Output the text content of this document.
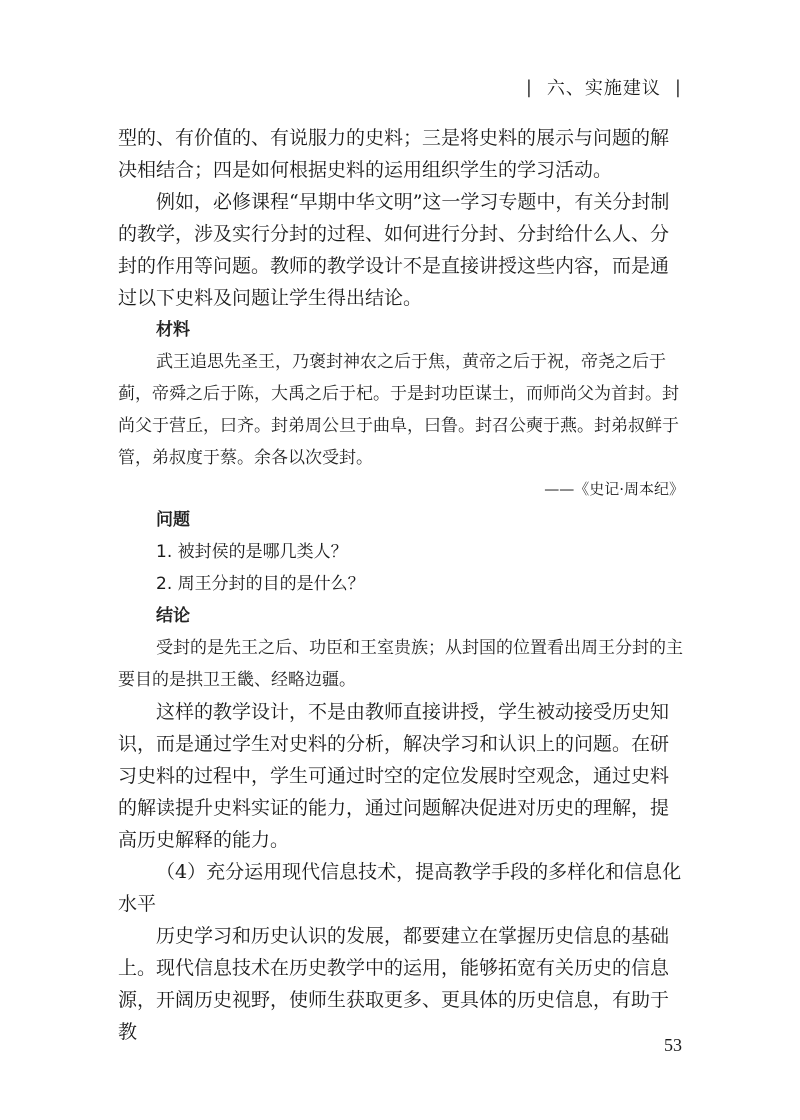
| 六、实施建议 |

型的、有价值的、有说服力的史料；三是将史料的展示与问题的解决相结合；四是如何根据史料的运用组织学生的学习活动。

例如，必修课程“早期中华文明”这一学习专题中，有关分封制的教学，涉及实行分封的过程、如何进行分封、分封给什么人、分封的作用等问题。教师的教学设计不是直接讲授这些内容，而是通过以下史料及问题让学生得出结论。

材料

武王追思先圣王，乃褒封神农之后于焦，黄帝之后于祝，帝尧之后于蓟，帝舜之后于陈，大禹之后于杞。于是封功臣谋士，而师尚父为首封。封尚父于营丘，曰齐。封弟周公旦于曲阜，曰鲁。封召公奭于燕。封弟叔鲜于管，弟叔度于蔡。余各以次受封。

——《史记·周本纪》
问题
1. 被封侯的是哪几类人？
2. 周王分封的目的是什么？
结论

受封的是先王之后、功臣和王室贵族；从封国的位置看出周王分封的主要目的是拱卫王畿、经略边疆。

这样的教学设计，不是由教师直接讲授，学生被动接受历史知识，而是通过学生对史料的分析，解决学习和认识上的问题。在研习史料的过程中，学生可通过时空的定位发展时空观念，通过史料的解读提升史料实证的能力，通过问题解决促进对历史的理解，提高历史解释的能力。

（4）充分运用现代信息技术，提高教学手段的多样化和信息化水平

历史学习和历史认识的发展，都要建立在掌握历史信息的基础上。现代信息技术在历史教学中的运用，能够拓宽有关历史的信息源，开阔历史视野，使师生获取更多、更具体的历史信息，有助于教

53
